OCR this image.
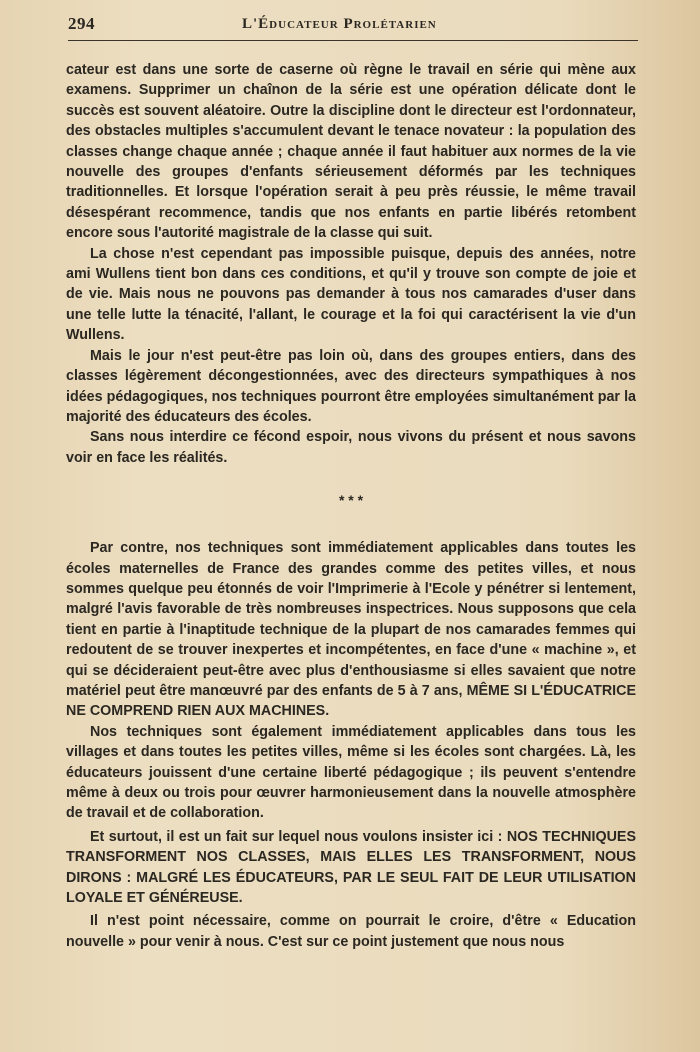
294	L'Éducateur Prolétarien

cateur est dans une sorte de caserne où règne le travail en série qui mène aux examens. Supprimer un chaînon de la série est une opération délicate dont le succès est souvent aléatoire. Outre la discipline dont le directeur est l'ordonnateur, des obstacles multiples s'accumulent devant le tenace novateur : la population des classes change chaque année ; chaque année il faut habituer aux normes de la vie nouvelle des groupes d'enfants sérieusement déformés par les techniques traditionnelles. Et lorsque l'opération serait à peu près réussie, le même travail désespérant recommence, tandis que nos enfants en partie libérés retombent encore sous l'autorité magistrale de la classe qui suit.

La chose n'est cependant pas impossible puisque, depuis des années, notre ami Wullens tient bon dans ces conditions, et qu'il y trouve son compte de joie et de vie. Mais nous ne pouvons pas demander à tous nos camarades d'user dans une telle lutte la ténacité, l'allant, le courage et la foi qui caractérisent la vie d'un Wullens.

Mais le jour n'est peut-être pas loin où, dans des groupes entiers, dans des classes légèrement décongestionnées, avec des directeurs sympathiques à nos idées pédagogiques, nos techniques pourront être employées simultanément par la majorité des éducateurs des écoles.

Sans nous interdire ce fécond espoir, nous vivons du présent et nous savons voir en face les réalités.

* * *

Par contre, nos techniques sont immédiatement applicables dans toutes les écoles maternelles de France des grandes comme des petites villes, et nous sommes quelque peu étonnés de voir l'Imprimerie à l'Ecole y pénétrer si lentement, malgré l'avis favorable de très nombreuses inspectrices. Nous supposons que cela tient en partie à l'inaptitude technique de la plupart de nos camarades femmes qui redoutent de se trouver inexpertes et incompétentes, en face d'une « machine », et qui se décideraient peut-être avec plus d'enthousiasme si elles savaient que notre matériel peut être manœuvré par des enfants de 5 à 7 ans, MÊME SI L'ÉDUCATRICE NE COMPREND RIEN AUX MACHINES.

Nos techniques sont également immédiatement applicables dans tous les villages et dans toutes les petites villes, même si les écoles sont chargées. Là, les éducateurs jouissent d'une certaine liberté pédagogique ; ils peuvent s'entendre même à deux ou trois pour œuvrer harmonieusement dans la nouvelle atmosphère de travail et de collaboration.

Et surtout, il est un fait sur lequel nous voulons insister ici : NOS TECHNIQUES TRANSFORMENT NOS CLASSES, MAIS ELLES LES TRANSFORMENT, NOUS DIRONS : MALGRÉ LES ÉDUCATEURS, PAR LE SEUL FAIT DE LEUR UTILISATION LOYALE ET GÉNÉREUSE.

Il n'est point nécessaire, comme on pourrait le croire, d'être « Education nouvelle » pour venir à nous. C'est sur ce point justement que nous nous
